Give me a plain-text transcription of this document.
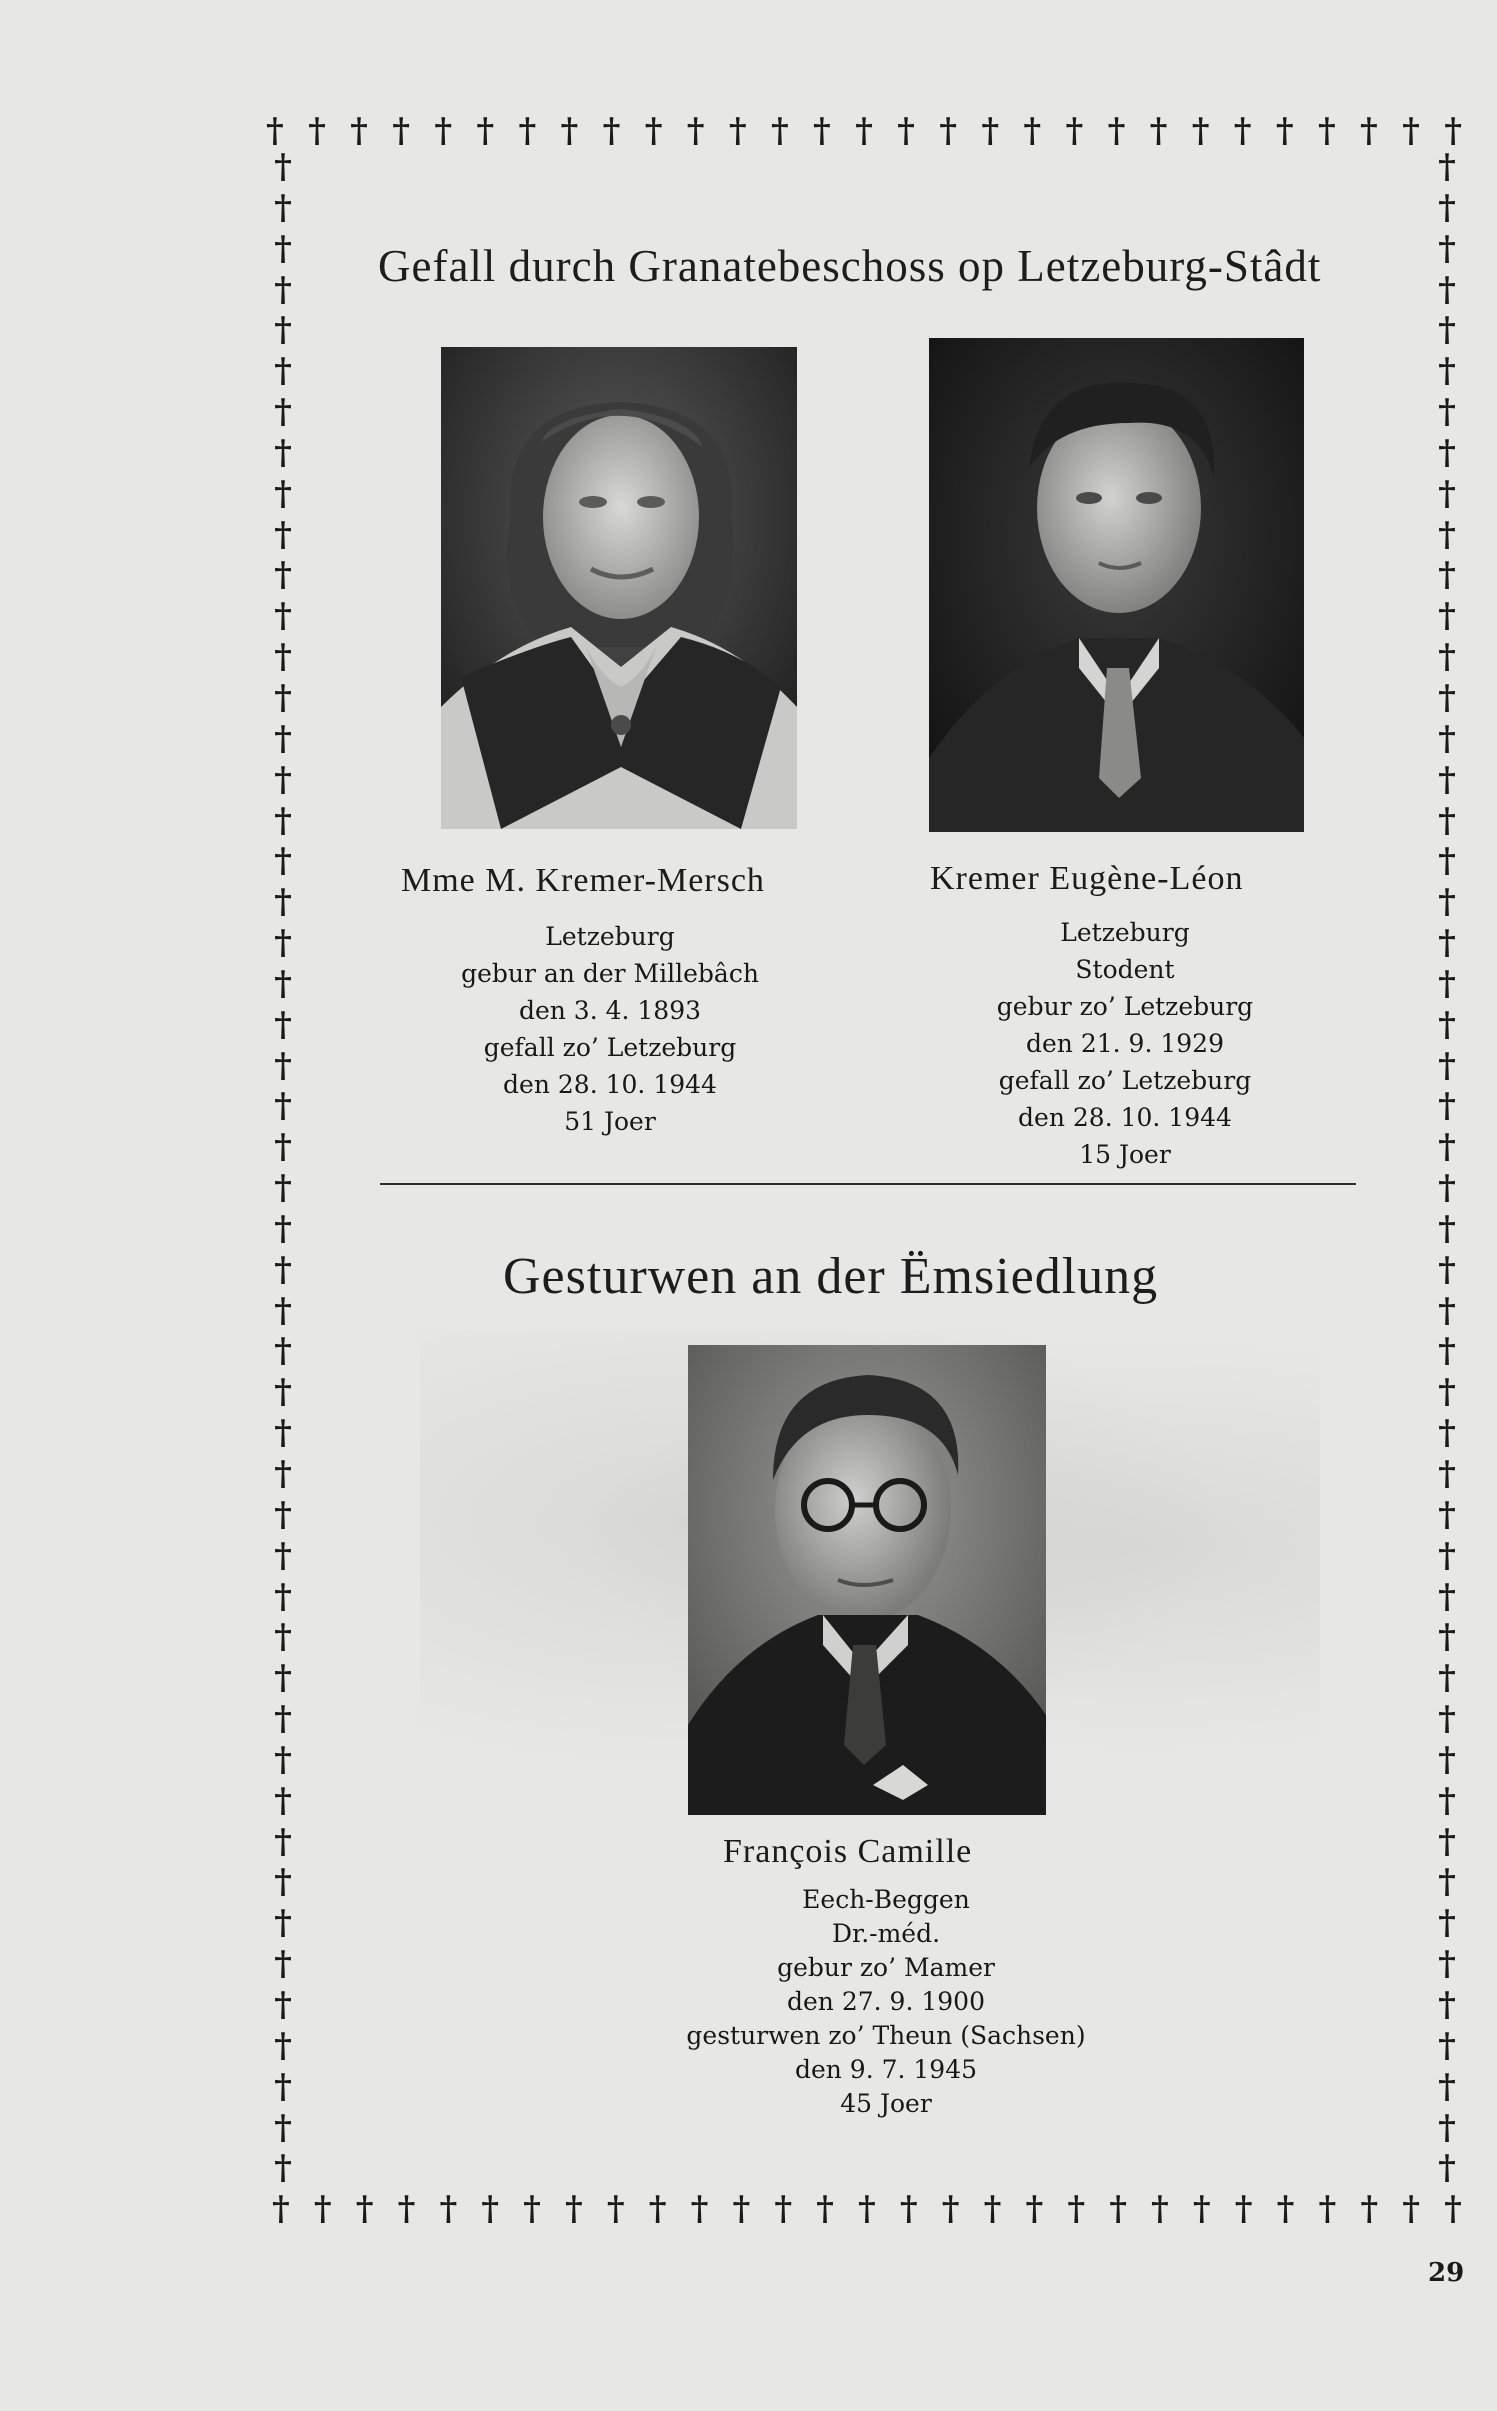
† † † † † † † † † † † † † † † † † † † † † † † † † † † † †
† † † † † † † † † † † † † † † † † † † † † † † † † † † † †
†
†
†
†
†
†
†
†
†
†
†
†
†
†
†
†
†
†
†
†
†
†
†
†
†
†
†
†
†
†
†
†
†
†
†
†
†
†
†
†
†
†
†
†
†
†
†
†
†
†
†
†
†
†
†
†
†
†
†
†
†
†
†
†
†
†
†
†
†
†
†
†
†
†
†
†
†
†
†
†
†
†
†
†
†
†
†
†
†
†
†
†
†
†
†
†
†
†
†
†
Gefall durch Granatebeschoss op Letzeburg-Stâdt
Mme M. Kremer-Mersch	Kremer Eugène-Léon
Letzeburg
gebur an der Millebâch
den 3. 4. 1893
gefall zo’ Letzeburg
den 28. 10. 1944
51 Joer
Letzeburg
Stodent
gebur zo’ Letzeburg
den 21. 9. 1929
gefall zo’ Letzeburg
den 28. 10. 1944
15 Joer
Gesturwen an der Ëmsiedlung
François Camille
Eech-Beggen
Dr.-méd.
gebur zo’ Mamer
den 27. 9. 1900
gesturwen zo’ Theun (Sachsen)
den 9. 7. 1945
45 Joer
29
